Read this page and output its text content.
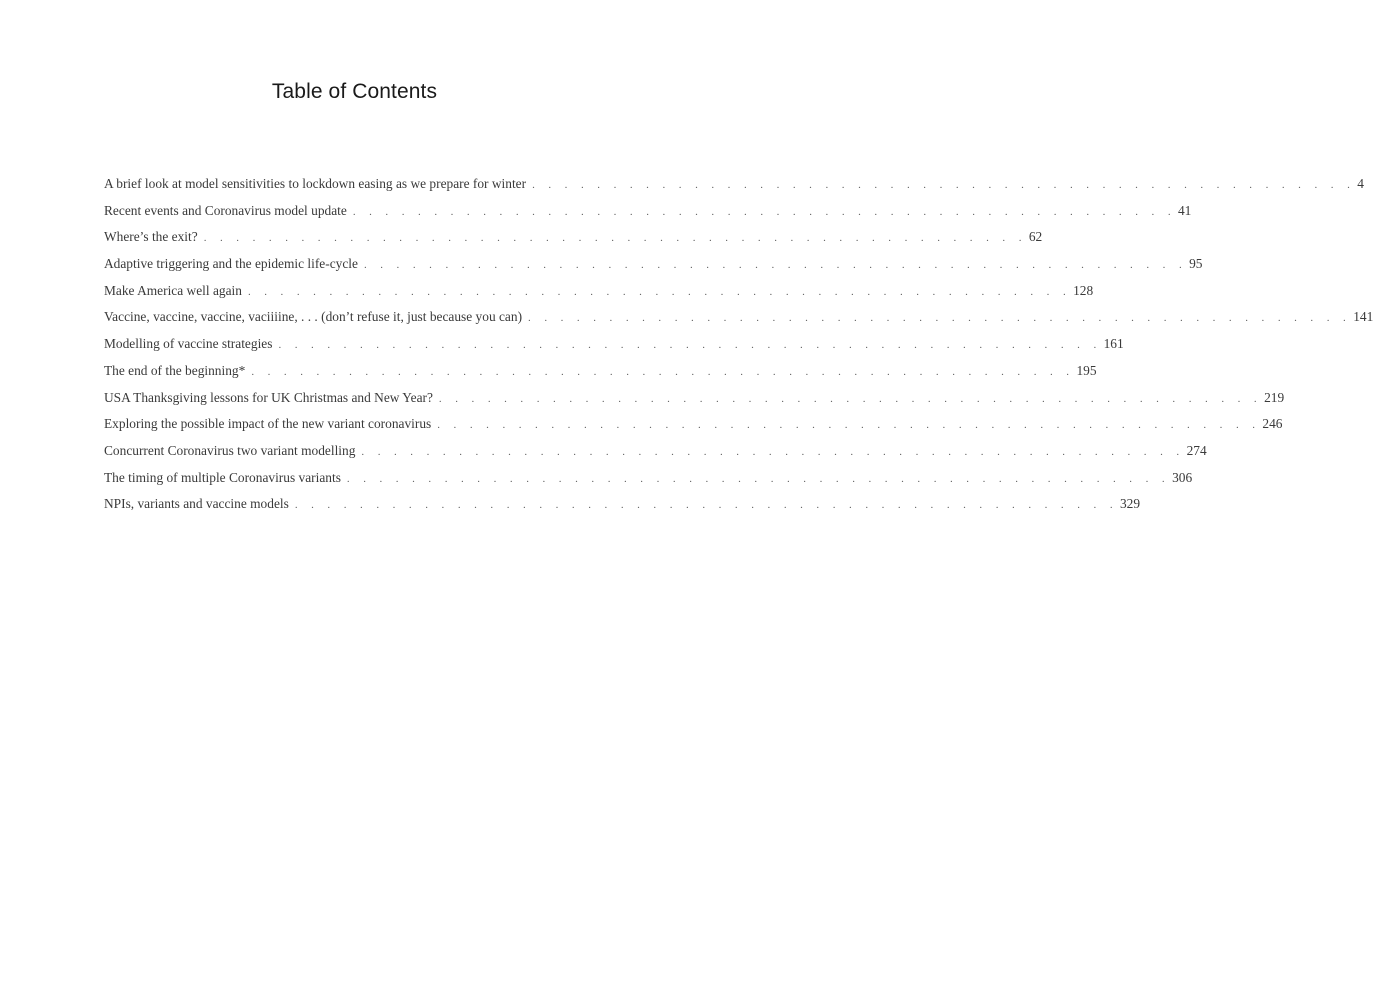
Table of Contents
A brief look at model sensitivities to lockdown easing as we prepare for winter . . . . . . . . . . . . . . . . . . . . . . . . . . . . . . . . . . . . . . . . . . . . . . . . . . . 4
Recent events and Coronavirus model update . . . . . . . . . . . . . . . . . . . . . . . . . . . . . . . . . . . . . . . . . . . . . . . . . . . 41
Where’s the exit? . . . . . . . . . . . . . . . . . . . . . . . . . . . . . . . . . . . . . . . . . . . . . . . . . . . 62
Adaptive triggering and the epidemic life-cycle . . . . . . . . . . . . . . . . . . . . . . . . . . . . . . . . . . . . . . . . . . . . . . . . . . . 95
Make America well again . . . . . . . . . . . . . . . . . . . . . . . . . . . . . . . . . . . . . . . . . . . . . . . . . . . 128
Vaccine, vaccine, vaccine, vaciiiine, . . . (don’t refuse it, just because you can) . . . . . . . . . . . . . . . . . . . . . . . . . . . . . . . . . . . . . . . . . . . . . . . . . . . 141
Modelling of vaccine strategies . . . . . . . . . . . . . . . . . . . . . . . . . . . . . . . . . . . . . . . . . . . . . . . . . . . 161
The end of the beginning* . . . . . . . . . . . . . . . . . . . . . . . . . . . . . . . . . . . . . . . . . . . . . . . . . . . 195
USA Thanksgiving lessons for UK Christmas and New Year? . . . . . . . . . . . . . . . . . . . . . . . . . . . . . . . . . . . . . . . . . . . . . . . . . . . 219
Exploring the possible impact of the new variant coronavirus . . . . . . . . . . . . . . . . . . . . . . . . . . . . . . . . . . . . . . . . . . . . . . . . . . . 246
Concurrent Coronavirus two variant modelling . . . . . . . . . . . . . . . . . . . . . . . . . . . . . . . . . . . . . . . . . . . . . . . . . . . 274
The timing of multiple Coronavirus variants . . . . . . . . . . . . . . . . . . . . . . . . . . . . . . . . . . . . . . . . . . . . . . . . . . . 306
NPIs, variants and vaccine models . . . . . . . . . . . . . . . . . . . . . . . . . . . . . . . . . . . . . . . . . . . . . . . . . . . 329
